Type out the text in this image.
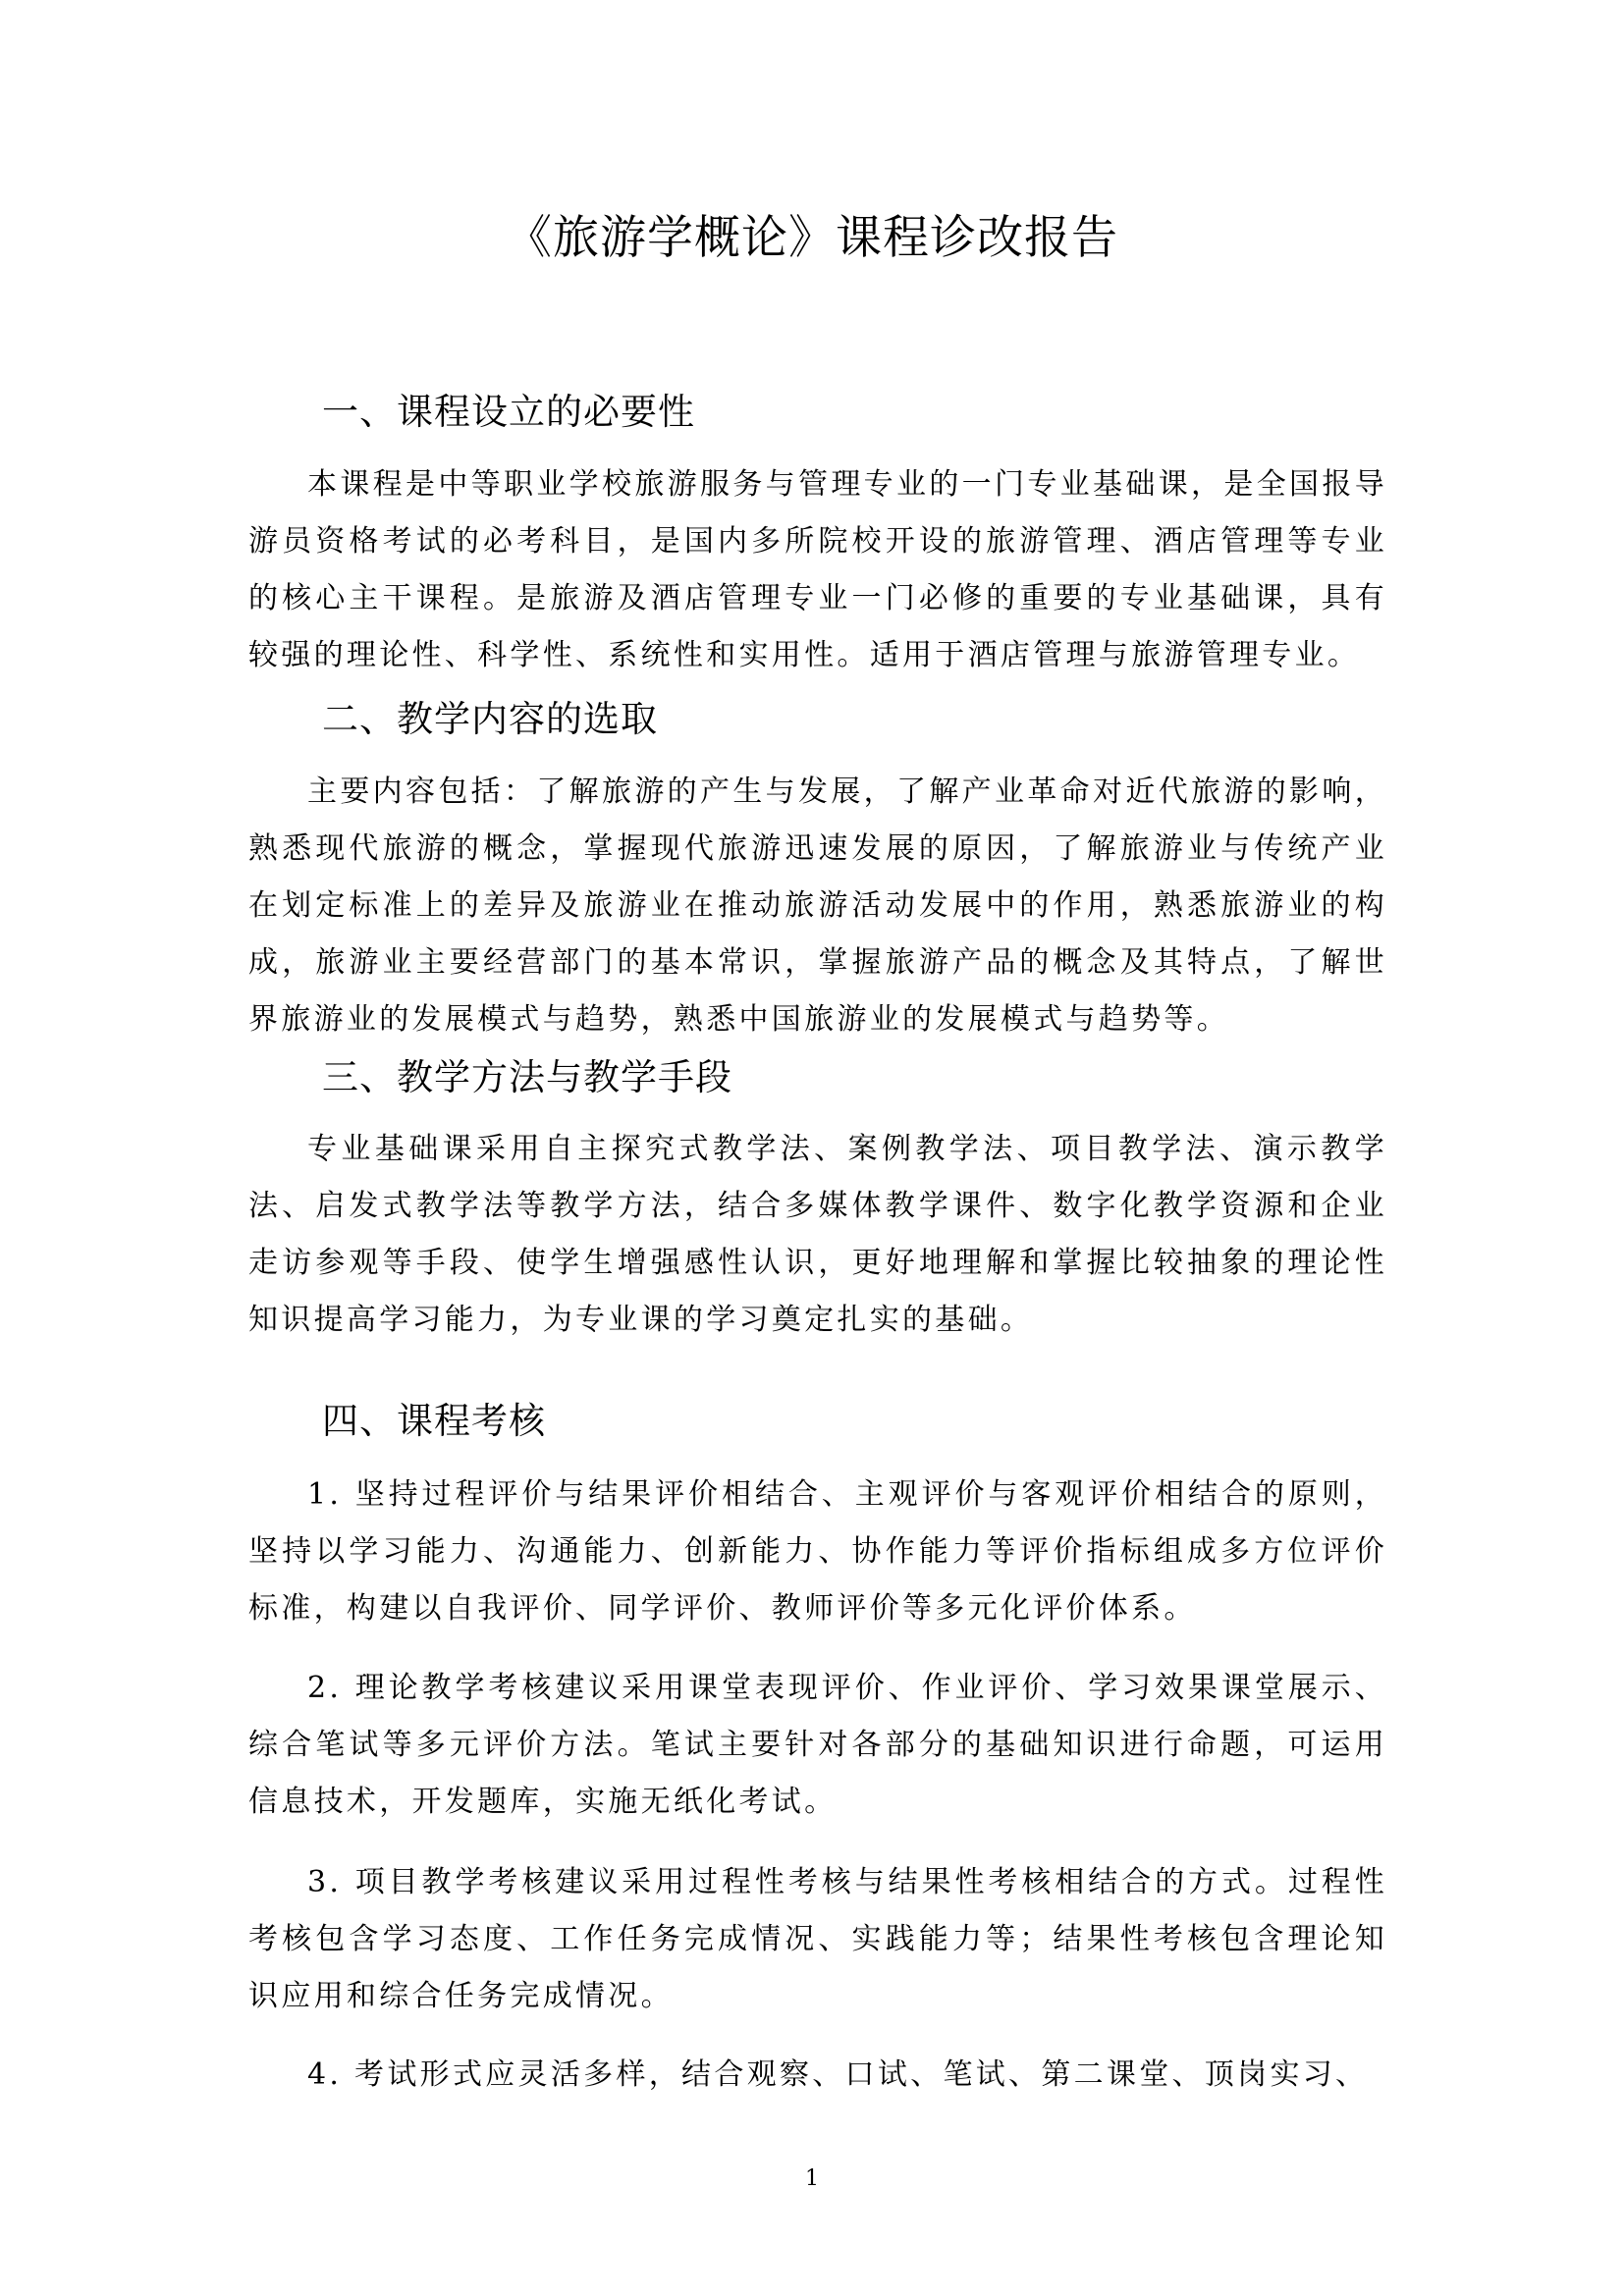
《旅游学概论》课程诊改报告
一、课程设立的必要性

本课程是中等职业学校旅游服务与管理专业的一门专业基础课，是全国报导游员资格考试的必考科目，是国内多所院校开设的旅游管理、酒店管理等专业的核心主干课程。是旅游及酒店管理专业一门必修的重要的专业基础课，具有较强的理论性、科学性、系统性和实用性。适用于酒店管理与旅游管理专业。

二、教学内容的选取

主要内容包括：了解旅游的产生与发展，了解产业革命对近代旅游的影响，熟悉现代旅游的概念，掌握现代旅游迅速发展的原因，了解旅游业与传统产业在划定标准上的差异及旅游业在推动旅游活动发展中的作用，熟悉旅游业的构成，旅游业主要经营部门的基本常识，掌握旅游产品的概念及其特点，了解世界旅游业的发展模式与趋势，熟悉中国旅游业的发展模式与趋势等。

三、教学方法与教学手段

专业基础课采用自主探究式教学法、案例教学法、项目教学法、演示教学法、启发式教学法等教学方法，结合多媒体教学课件、数字化教学资源和企业走访参观等手段、使学生增强感性认识，更好地理解和掌握比较抽象的理论性知识提高学习能力，为专业课的学习奠定扎实的基础。

四、课程考核

1. 坚持过程评价与结果评价相结合、主观评价与客观评价相结合的原则，坚持以学习能力、沟通能力、创新能力、协作能力等评价指标组成多方位评价标准，构建以自我评价、同学评价、教师评价等多元化评价体系。

2. 理论教学考核建议采用课堂表现评价、作业评价、学习效果课堂展示、综合笔试等多元评价方法。笔试主要针对各部分的基础知识进行命题，可运用信息技术，开发题库，实施无纸化考试。

3. 项目教学考核建议采用过程性考核与结果性考核相结合的方式。过程性考核包含学习态度、工作任务完成情况、实践能力等；结果性考核包含理论知识应用和综合任务完成情况。

4. 考试形式应灵活多样，结合观察、口试、笔试、第二课堂、顶岗实习、

1
